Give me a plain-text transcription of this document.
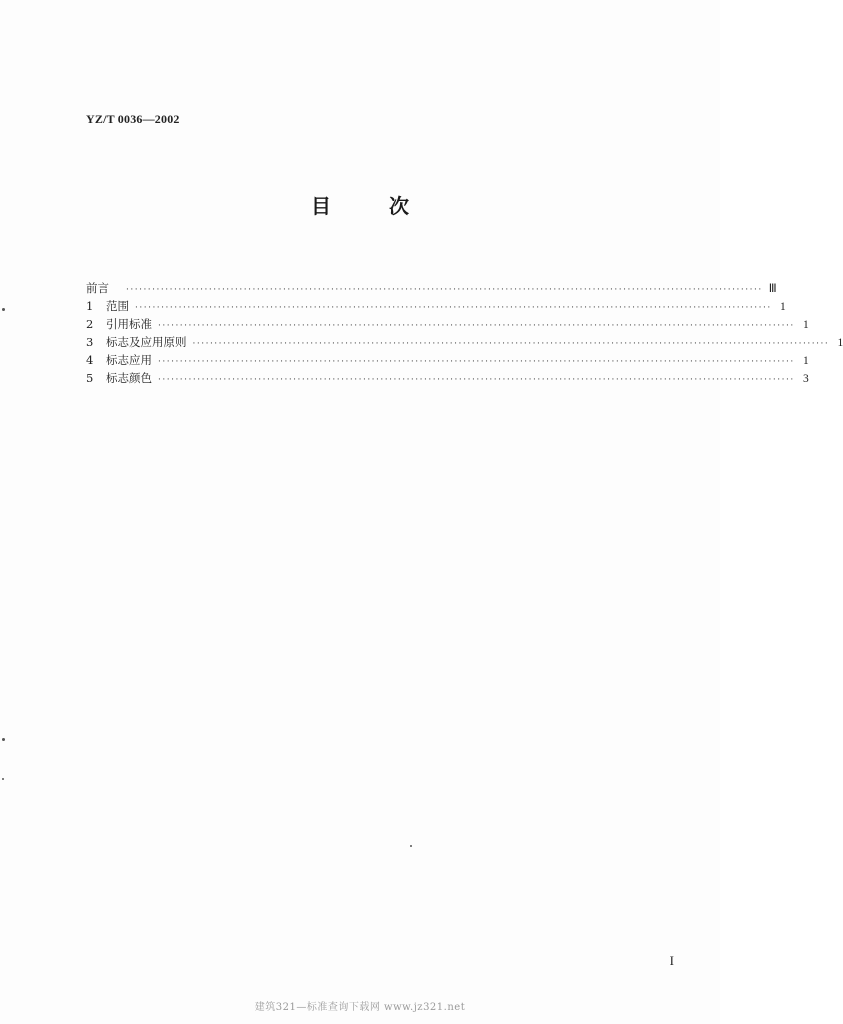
YZ/T 0036—2002
目	次
前言	·················································································································································· Ⅲ
1	范围 ·················································································································································· 1
2	引用标准 ·················································································································································· 1
3	标志及应用原则 ·················································································································································· 1
4	标志应用 ·················································································································································· 1
5	标志颜色 ·················································································································································· 3
I
建筑321—标准查询下载网 www.jz321.net
